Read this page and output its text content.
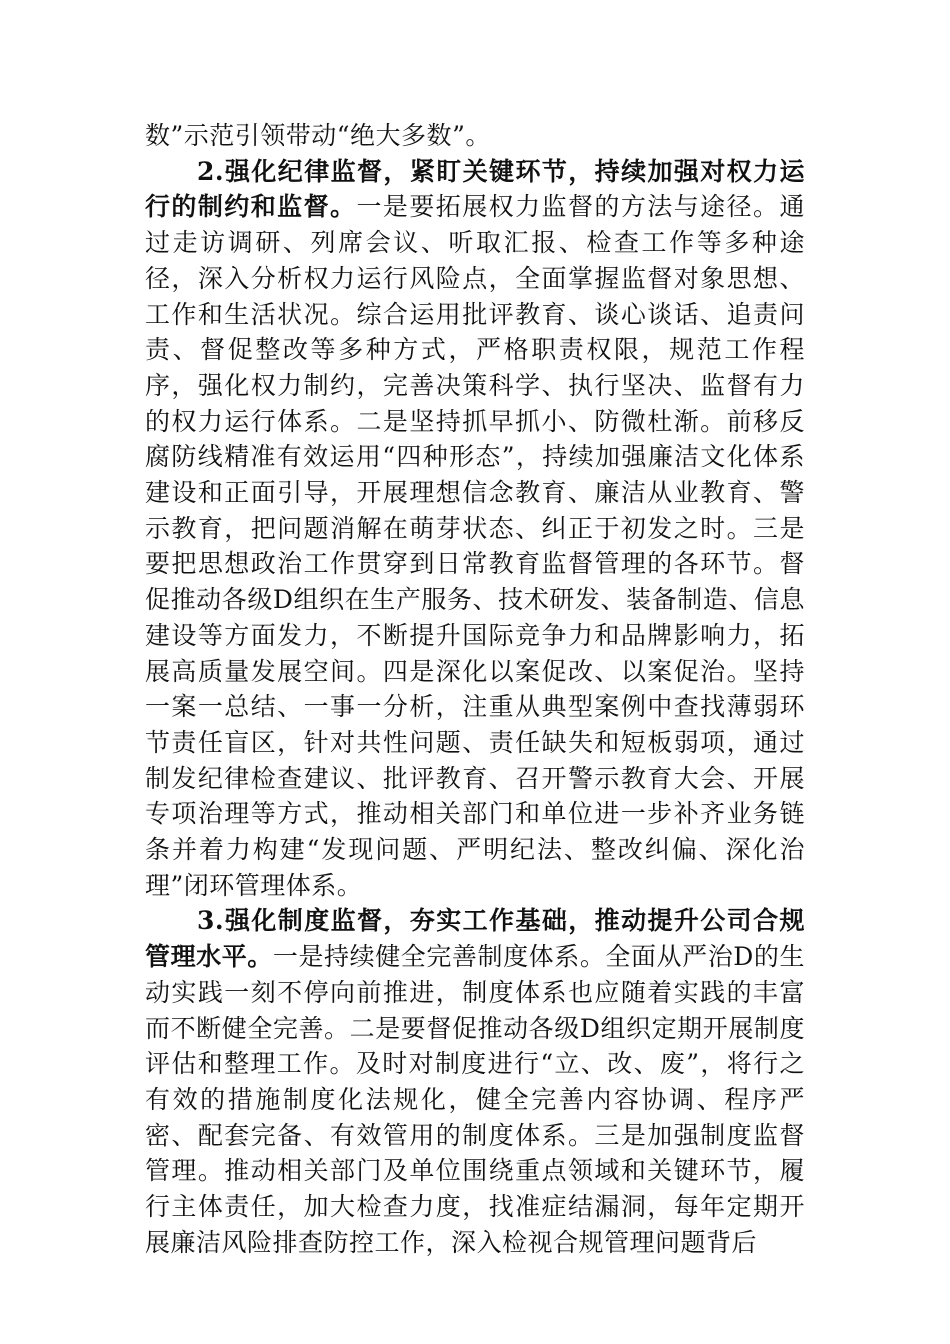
数”示范引领带动“绝大多数”。

2.强化纪律监督，紧盯关键环节，持续加强对权力运行的制约和监督。一是要拓展权力监督的方法与途径。通过走访调研、列席会议、听取汇报、检查工作等多种途径，深入分析权力运行风险点，全面掌握监督对象思想、工作和生活状况。综合运用批评教育、谈心谈话、追责问责、督促整改等多种方式，严格职责权限，规范工作程序，强化权力制约，完善决策科学、执行坚决、监督有力的权力运行体系。二是坚持抓早抓小、防微杜渐。前移反腐防线精准有效运用“四种形态”，持续加强廉洁文化体系建设和正面引导，开展理想信念教育、廉洁从业教育、警示教育，把问题消解在萌芽状态、纠正于初发之时。三是要把思想政治工作贯穿到日常教育监督管理的各环节。督促推动各级D组织在生产服务、技术研发、装备制造、信息建设等方面发力，不断提升国际竞争力和品牌影响力，拓展高质量发展空间。四是深化以案促改、以案促治。坚持一案一总结、一事一分析，注重从典型案例中查找薄弱环节责任盲区，针对共性问题、责任缺失和短板弱项，通过制发纪律检查建议、批评教育、召开警示教育大会、开展专项治理等方式，推动相关部门和单位进一步补齐业务链条并着力构建“发现问题、严明纪法、整改纠偏、深化治理”闭环管理体系。

3.强化制度监督，夯实工作基础，推动提升公司合规管理水平。一是持续健全完善制度体系。全面从严治D的生动实践一刻不停向前推进，制度体系也应随着实践的丰富而不断健全完善。二是要督促推动各级D组织定期开展制度评估和整理工作。及时对制度进行“立、改、废”，将行之有效的措施制度化法规化，健全完善内容协调、程序严密、配套完备、有效管用的制度体系。三是加强制度监督管理。推动相关部门及单位围绕重点领域和关键环节，履行主体责任，加大检查力度，找准症结漏洞，每年定期开展廉洁风险排查防控工作，深入检视合规管理问题背后
